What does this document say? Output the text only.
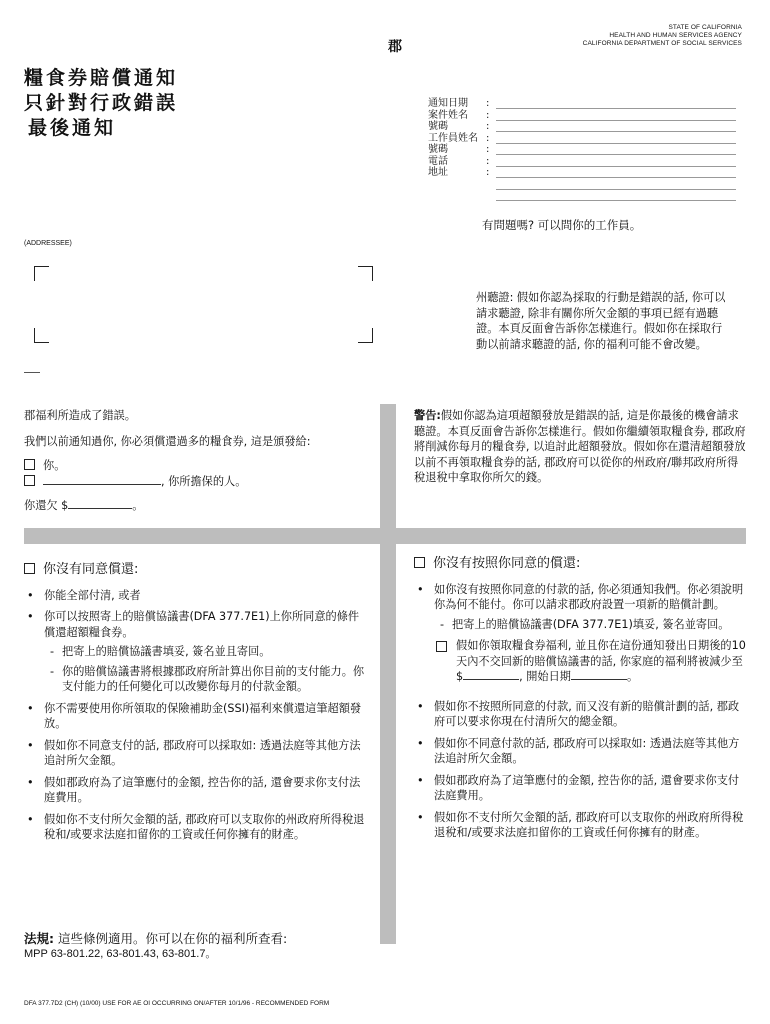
STATE OF CALIFORNIA
HEALTH AND HUMAN SERVICES AGENCY
CALIFORNIA DEPARTMENT OF SOCIAL SERVICES
郡
糧食券賠償通知
只針對行政錯誤
最後通知
通知日期	:
案件姓名	:
號碼	:
工作員姓名 :
號碼	:
電話	:
地址	:
有問題嗎? 可以問你的工作員。
(ADDRESSEE)
州聽證: 假如你認為採取的行動是錯誤的話, 你可以請求聽證, 除非有關你所欠金額的事項已經有過聽證。本頁反面會告訴你怎樣進行。假如你在採取行動以前請求聽證的話, 你的福利可能不會改變。
郡福利所造成了錯誤。
我們以前通知過你, 你必須償還過多的糧食券, 這是頒發給:
你。
, 你所擔保的人。
你還欠 $	。
警告:假如你認為這項超額發放是錯誤的話, 這是你最後的機會請求聽證。本頁反面會告訴你怎樣進行。假如你繼續領取糧食券, 郡政府將削減你每月的糧食券, 以追討此超額發放。假如你在還清超額發放以前不再領取糧食券的話, 郡政府可以從你的州政府/聯邦政府所得稅退稅中拿取你所欠的錢。
你沒有同意償還:
• 你能全部付清, 或者
• 你可以按照寄上的賠償協議書(DFA 377.7E1)上你所同意的條件償還超額糧食券。
- 把寄上的賠償協議書填妥, 簽名並且寄回。
- 你的賠償協議書將根據郡政府所計算出你目前的支付能力。你支付能力的任何變化可以改變你每月的付款金額。
• 你不需要使用你所領取的保險補助金(SSI)福利來償還這筆超額發放。
• 假如你不同意支付的話, 郡政府可以採取如: 透過法庭等其他方法追討所欠金額。
• 假如郡政府為了這筆應付的金額, 控告你的話, 還會要求你支付法庭費用。
• 假如你不支付所欠金額的話, 郡政府可以支取你的州政府所得稅退稅和/或要求法庭扣留你的工資或任何你擁有的財產。
你沒有按照你同意的償還:
• 如你沒有按照你同意的付款的話, 你必須通知我們。你必須說明你為何不能付。你可以請求郡政府設置一項新的賠償計劃。
- 把寄上的賠償協議書(DFA 377.7E1)填妥, 簽名並寄回。
假如你領取糧食券福利, 並且你在這份通知發出日期後的10天內不交回新的賠償協議書的話, 你家庭的福利將被減少至$	, 開始日期	。
• 假如你不按照所同意的付款, 而又沒有新的賠償計劃的話, 郡政府可以要求你現在付清所欠的總金額。
• 假如你不同意付款的話, 郡政府可以採取如: 透過法庭等其他方法追討所欠金額。
• 假如郡政府為了這筆應付的金額, 控告你的話, 還會要求你支付法庭費用。
• 假如你不支付所欠金額的話, 郡政府可以支取你的州政府所得稅退稅和/或要求法庭扣留你的工資或任何你擁有的財產。
法規: 這些條例適用。你可以在你的福利所查看:
MPP 63-801.22, 63-801.43, 63-801.7。
DFA 377.7D2 (CH) (10/00) USE FOR AE OI OCCURRING ON/AFTER 10/1/96 - RECOMMENDED FORM
